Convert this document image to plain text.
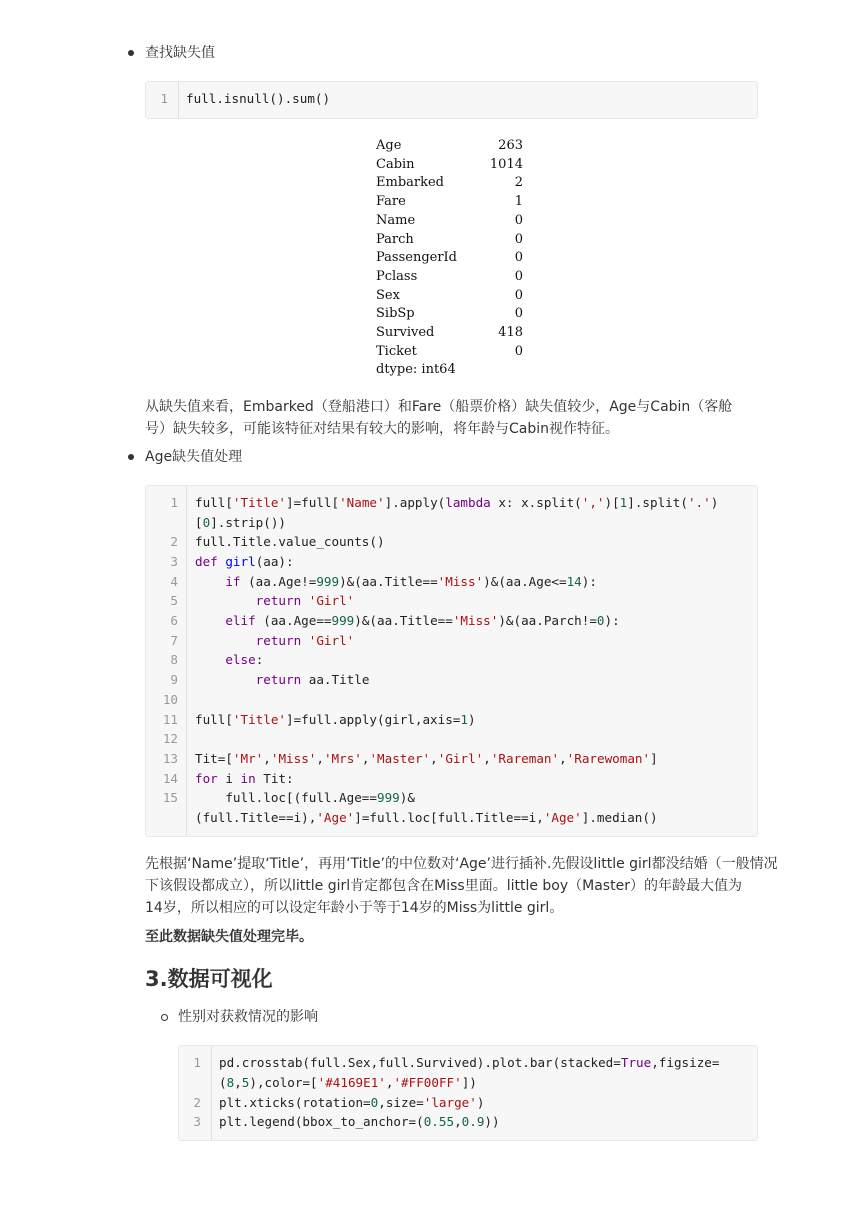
查找缺失值
1 full.isnull().sum()
Age	263
Cabin	1014
Embarked	2
Fare	1
Name	0
Parch	0
PassengerId	0
Pclass	0
Sex	0
SibSp	0
Survived	418
Ticket	0
dtype: int64
从缺失值来看，Embarked（登船港口）和Fare（船票价格）缺失值较少，Age与Cabin（客舱
号）缺失较多，可能该特征对结果有较大的影响，将年龄与Cabin视作特征。
Age缺失值处理
1
2
3
4
5
6
7
8
9
10
11
12
13
14
15
full['Title']=full['Name'].apply(lambda x: x.split(',')[1].split('.')
[0].strip())
full.Title.value_counts()
def girl(aa):
if (aa.Age!=999)&(aa.Title=='Miss')&(aa.Age<=14):
return 'Girl'
elif (aa.Age==999)&(aa.Title=='Miss')&(aa.Parch!=0):
return 'Girl'
else:
return aa.Title
full['Title']=full.apply(girl,axis=1)
Tit=['Mr','Miss','Mrs','Master','Girl','Rareman','Rarewoman']
for i in Tit:
full.loc[(full.Age==999)&
(full.Title==i),'Age']=full.loc[full.Title==i,'Age'].median()
先根据‘Name’提取‘Title’，再用‘Title’的中位数对‘Age’进行插补.先假设little girl都没结婚（一般情况
下该假设都成立），所以little girl肯定都包含在Miss里面。little boy（Master）的年龄最大值为
14岁，所以相应的可以设定年龄小于等于14岁的Miss为little girl。
至此数据缺失值处理完毕。
3.数据可视化
性别对获救情况的影响
1
2
3
pd.crosstab(full.Sex,full.Survived).plot.bar(stacked=True,figsize=
(8,5),color=['#4169E1','#FF00FF'])
plt.xticks(rotation=0,size='large')
plt.legend(bbox_to_anchor=(0.55,0.9))
